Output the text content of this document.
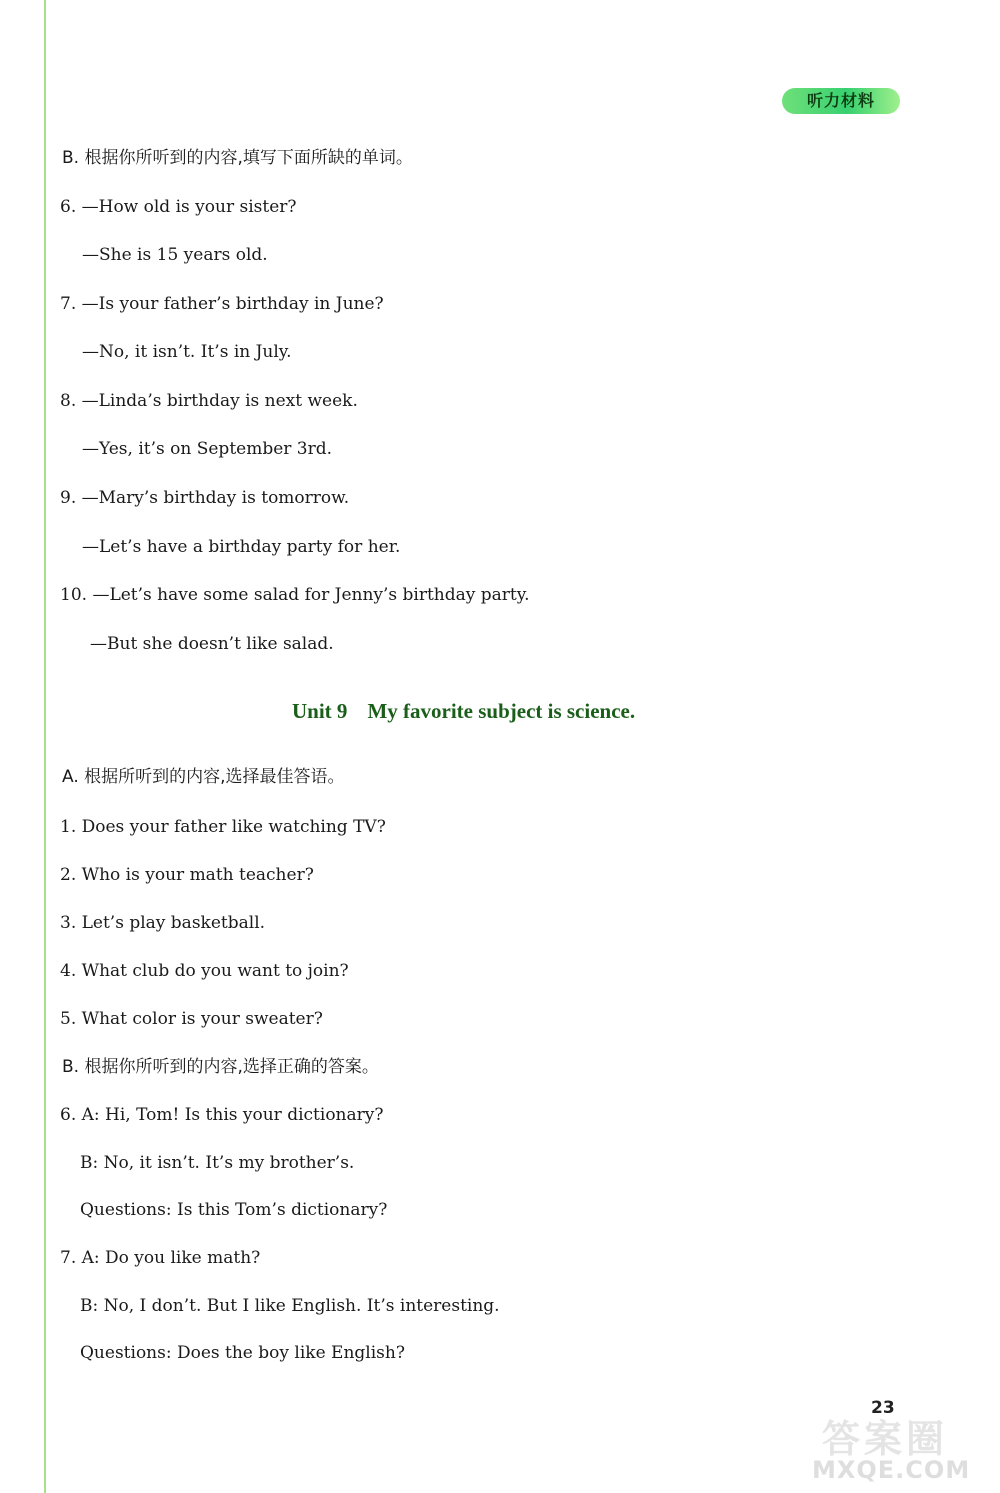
听力材料
B. 根据你所听到的内容,填写下面所缺的单词。
6. —How old is your sister?
—She is 15 years old.
7. —Is your father’s birthday in June?
—No, it isn’t. It’s in July.
8. —Linda’s birthday is next week.
—Yes, it’s on September 3rd.
9. —Mary’s birthday is tomorrow.
—Let’s have a birthday party for her.
10. —Let’s have some salad for Jenny’s birthday party.
—But she doesn’t like salad.
Unit 9 My favorite subject is science.
A. 根据所听到的内容,选择最佳答语。
1. Does your father like watching TV?
2. Who is your math teacher?
3. Let’s play basketball.
4. What club do you want to join?
5. What color is your sweater?
B. 根据你所听到的内容,选择正确的答案。
6. A: Hi, Tom! Is this your dictionary?
B: No, it isn’t. It’s my brother’s.
Questions: Is this Tom’s dictionary?
7. A: Do you like math?
B: No, I don’t. But I like English. It’s interesting.
Questions: Does the boy like English?
答案圈
MXQE.COM
23
